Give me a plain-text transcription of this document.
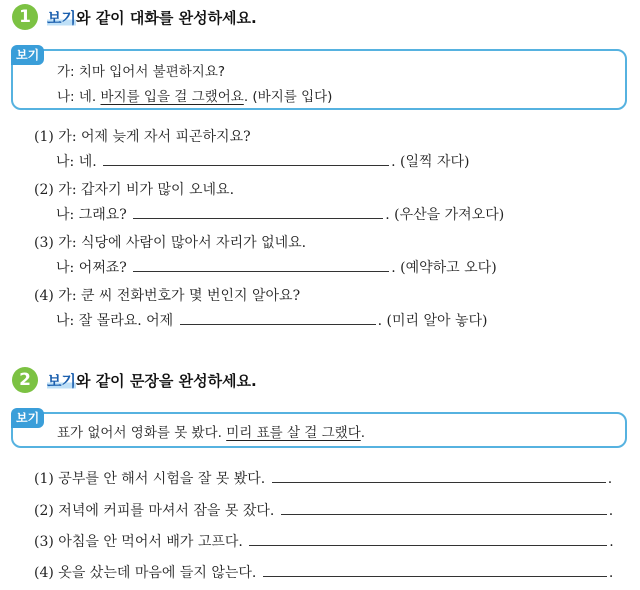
1	보기와 같이 대화를 완성하세요.
보기
가: 치마 입어서 불편하지요?
나: 네. 바지를 입을 걸 그랬어요. (바지를 입다)
(1) 가: 어제 늦게 자서 피곤하지요?
나: 네.	. (일찍 자다)
(2) 가: 갑자기 비가 많이 오네요.
나: 그래요?	. (우산을 가져오다)
(3) 가: 식당에 사람이 많아서 자리가 없네요.
나: 어쩌죠?	. (예약하고 오다)
(4) 가: 쿤 씨 전화번호가 몇 번인지 알아요?
나: 잘 몰라요. 어제	. (미리 알아 놓다)
2	보기와 같이 문장을 완성하세요.
보기
표가 없어서 영화를 못 봤다. 미리 표를 살 걸 그랬다.
(1) 공부를 안 해서 시험을 잘 못 봤다.	.
(2) 저녁에 커피를 마셔서 잠을 못 잤다.	.
(3) 아침을 안 먹어서 배가 고프다.	.
(4) 옷을 샀는데 마음에 들지 않는다.	.
